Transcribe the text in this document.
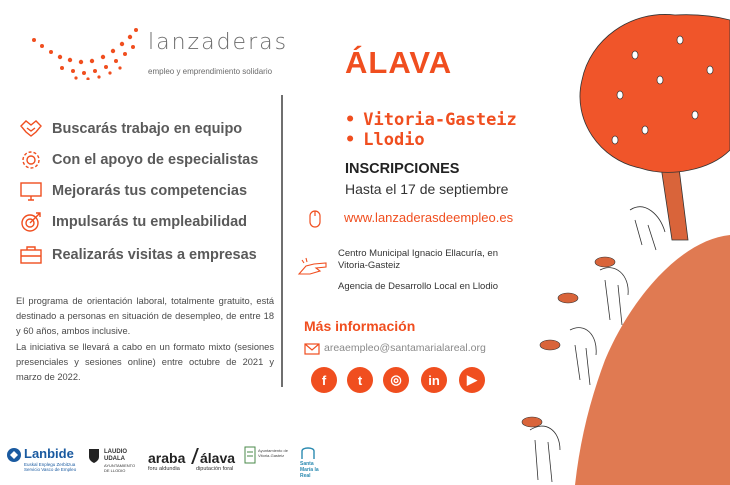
lanzaderas
empleo y emprendimiento solidario
Buscarás trabajo en equipo
Con el apoyo de especialistas
Mejorarás tus competencias
Impulsarás tu empleabilidad
Realizarás visitas a empresas
El programa de orientación laboral, totalmente gratuito, está destinado a personas en situación de desempleo, de entre 18 y 60 años, ambos inclusive.
La iniciativa se llevará a cabo en un formato mixto (sesiones presenciales y sesiones online) entre octubre de 2021 y marzo de 2022.
ÁLAVA
• Vitoria-Gasteiz
• Llodio
INSCRIPCIONES
Hasta el 17 de septiembre
www.lanzaderasdeempleo.es
Centro Municipal Ignacio Ellacuría, en Vitoria-Gasteiz
Agencia de Desarrollo Local en Llodio
Más información
areaempleo@santamarialareal.org
f	t	◎	in	▶
Lanbide
Euskal Enplegu Zerbitzua Servicio Vasco de Empleo
LAUDIO UDALA
AYUNTAMIENTO DE LLODIO
araba álava
foru aldundia	diputación foral
Ayuntamiento de Vitoria-Gasteiz
Santa María la Real
